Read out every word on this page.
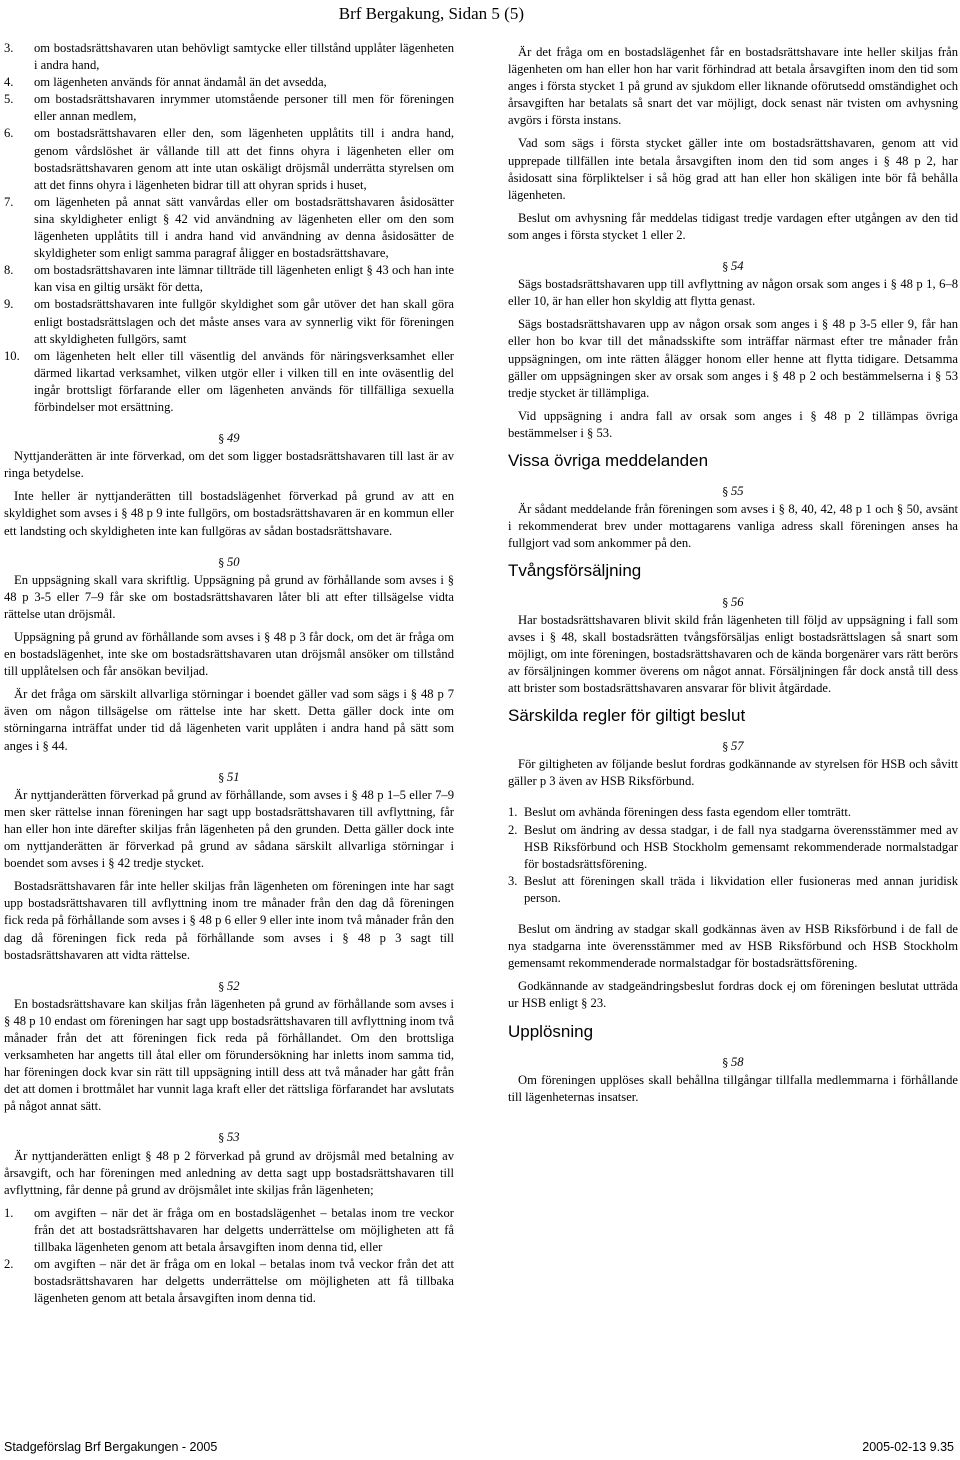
Brf Bergakung, Sidan 5 (5)
3.	om bostadsrättshavaren utan behövligt samtycke eller tillstånd upplåter lägenheten i andra hand,
4.	om lägenheten används för annat ändamål än det avsedda,
5.	om bostadsrättshavaren inrymmer utomstående personer till men för föreningen eller annan medlem,
6.	om bostadsrättshavaren eller den, som lägenheten upplåtits till i andra hand, genom vårdslöshet är vållande till att det finns ohyra i lägenheten eller om bostadsrättshavaren genom att inte utan oskäligt dröjsmål underrätta styrelsen om att det finns ohyra i lägenheten bidrar till att ohyran sprids i huset,
7.	om lägenheten på annat sätt vanvårdas eller om bostadsrättshavaren åsidosätter sina skyldigheter enligt § 42 vid användning av lägenheten eller om den som lägenheten upplåtits till i andra hand vid användning av denna åsidosätter de skyldigheter som enligt samma paragraf åligger en bostadsrättshavare,
8.	om bostadsrättshavaren inte lämnar tillträde till lägenheten enligt § 43 och han inte kan visa en giltig ursäkt för detta,
9.	om bostadsrättshavaren inte fullgör skyldighet som går utöver det han skall göra enligt bostadsrättslagen och det måste anses vara av synnerlig vikt för föreningen att skyldigheten fullgörs, samt
10.	om lägenheten helt eller till väsentlig del används för näringsverksamhet eller därmed likartad verksamhet, vilken utgör eller i vilken till en inte oväsentlig del ingår brottsligt förfarande eller om lägenheten används för tillfälliga sexuella förbindelser mot ersättning.
§ 49

Nyttjanderätten är inte förverkad, om det som ligger bostadsrättshavaren till last är av ringa betydelse.

Inte heller är nyttjanderätten till bostadslägenhet förverkad på grund av att en skyldighet som avses i § 48 p 9 inte fullgörs, om bostadsrättshavaren är en kommun eller ett landsting och skyldigheten inte kan fullgöras av sådan bostadsrättshavare.

§ 50

En uppsägning skall vara skriftlig. Uppsägning på grund av förhållande som avses i § 48 p 3-5 eller 7–9 får ske om bostadsrättshavaren låter bli att efter tillsägelse vidta rättelse utan dröjsmål.

Uppsägning på grund av förhållande som avses i § 48 p 3 får dock, om det är fråga om en bostadslägenhet, inte ske om bostadsrättshavaren utan dröjsmål ansöker om tillstånd till upplåtelsen och får ansökan beviljad.

Är det fråga om särskilt allvarliga störningar i boendet gäller vad som sägs i § 48 p 7 även om någon tillsägelse om rättelse inte har skett. Detta gäller dock inte om störningarna inträffat under tid då lägenheten varit upplåten i andra hand på sätt som anges i § 44.

§ 51

Är nyttjanderätten förverkad på grund av förhållande, som avses i § 48 p 1–5 eller 7–9 men sker rättelse innan föreningen har sagt upp bostadsrättshavaren till avflyttning, får han eller hon inte därefter skiljas från lägenheten på den grunden. Detta gäller dock inte om nyttjanderätten är förverkad på grund av sådana särskilt allvarliga störningar i boendet som avses i § 42 tredje stycket.

Bostadsrättshavaren får inte heller skiljas från lägenheten om föreningen inte har sagt upp bostadsrättshavaren till avflyttning inom tre månader från den dag då föreningen fick reda på förhållande som avses i § 48 p 6 eller 9 eller inte inom två månader från den dag då föreningen fick reda på förhållande som avses i § 48 p 3 sagt till bostadsrättshavaren att vidta rättelse.

§ 52

En bostadsrättshavare kan skiljas från lägenheten på grund av förhållande som avses i § 48 p 10 endast om föreningen har sagt upp bostadsrättshavaren till avflyttning inom två månader från det att föreningen fick reda på förhållandet. Om den brottsliga verksamheten har angetts till åtal eller om förundersökning har inletts inom samma tid, har föreningen dock kvar sin rätt till uppsägning intill dess att två månader har gått från det att domen i brottmålet har vunnit laga kraft eller det rättsliga förfarandet har avslutats på något annat sätt.

§ 53

Är nyttjanderätten enligt § 48 p 2 förverkad på grund av dröjsmål med betalning av årsavgift, och har föreningen med anledning av detta sagt upp bostadsrättshavaren till avflyttning, får denne på grund av dröjsmålet inte skiljas från lägenheten;

1.	om avgiften – när det är fråga om en bostadslägenhet – betalas inom tre veckor från det att bostadsrättshavaren har delgetts underrättelse om möjligheten att få tillbaka lägenheten genom att betala årsavgiften inom denna tid, eller
2.	om avgiften – när det är fråga om en lokal – betalas inom två veckor från det att bostadsrättshavaren har delgetts underrättelse om möjligheten att få tillbaka lägenheten genom att betala årsavgiften inom denna tid.

Är det fråga om en bostadslägenhet får en bostadsrättshavare inte heller skiljas från lägenheten om han eller hon har varit förhindrad att betala årsavgiften inom den tid som anges i första stycket 1 på grund av sjukdom eller liknande oförutsedd omständighet och årsavgiften har betalats så snart det var möjligt, dock senast när tvisten om avhysning avgörs i första instans.

Vad som sägs i första stycket gäller inte om bostadsrättshavaren, genom att vid upprepade tillfällen inte betala årsavgiften inom den tid som anges i § 48 p 2, har åsidosatt sina förpliktelser i så hög grad att han eller hon skäligen inte bör få behålla lägenheten.

Beslut om avhysning får meddelas tidigast tredje vardagen efter utgången av den tid som anges i första stycket 1 eller 2.

§ 54

Sägs bostadsrättshavaren upp till avflyttning av någon orsak som anges i § 48 p 1, 6–8 eller 10, är han eller hon skyldig att flytta genast.

Sägs bostadsrättshavaren upp av någon orsak som anges i § 48 p 3-5 eller 9, får han eller hon bo kvar till det månadsskifte som inträffar närmast efter tre månader från uppsägningen, om inte rätten ålägger honom eller henne att flytta tidigare. Detsamma gäller om uppsägningen sker av orsak som anges i § 48 p 2 och bestämmelserna i § 53 tredje stycket är tillämpliga.

Vid uppsägning i andra fall av orsak som anges i § 48 p 2 tillämpas övriga bestämmelser i § 53.

Vissa övriga meddelanden
§ 55

Är sådant meddelande från föreningen som avses i § 8, 40, 42, 48 p 1 och § 50, avsänt i rekommenderat brev under mottagarens vanliga adress skall föreningen anses ha fullgjort vad som ankommer på den.

Tvångsförsäljning
§ 56

Har bostadsrättshavaren blivit skild från lägenheten till följd av uppsägning i fall som avses i § 48, skall bostadsrätten tvångsförsäljas enligt bostadsrättslagen så snart som möjligt, om inte föreningen, bostadsrättshavaren och de kända borgenärer vars rätt berörs av försäljningen kommer överens om något annat. Försäljningen får dock anstå till dess att brister som bostadsrättshavaren ansvarar för blivit åtgärdade.

Särskilda regler för giltigt beslut
§ 57

För giltigheten av följande beslut fordras godkännande av styrelsen för HSB och såvitt gäller p 3 även av HSB Riksförbund.

1. Beslut om avhända föreningen dess fasta egendom eller tomträtt.
2. Beslut om ändring av dessa stadgar, i de fall nya stadgarna överensstämmer med av HSB Riksförbund och HSB Stockholm gemensamt rekommenderade normalstadgar för bostadsrättsförening.
3. Beslut att föreningen skall träda i likvidation eller fusioneras med annan juridisk person.

Beslut om ändring av stadgar skall godkännas även av HSB Riksförbund i de fall de nya stadgarna inte överensstämmer med av HSB Riksförbund och HSB Stockholm gemensamt rekommenderade normalstadgar för bostadsrättsförening.

Godkännande av stadgeändringsbeslut fordras dock ej om föreningen beslutat utträda ur HSB enligt § 23.

Upplösning
§ 58

Om föreningen upplöses skall behållna tillgångar tillfalla medlemmarna i förhållande till lägenheternas insatser.

Stadgeförslag Brf Bergakungen - 2005	2005-02-13 9.35
